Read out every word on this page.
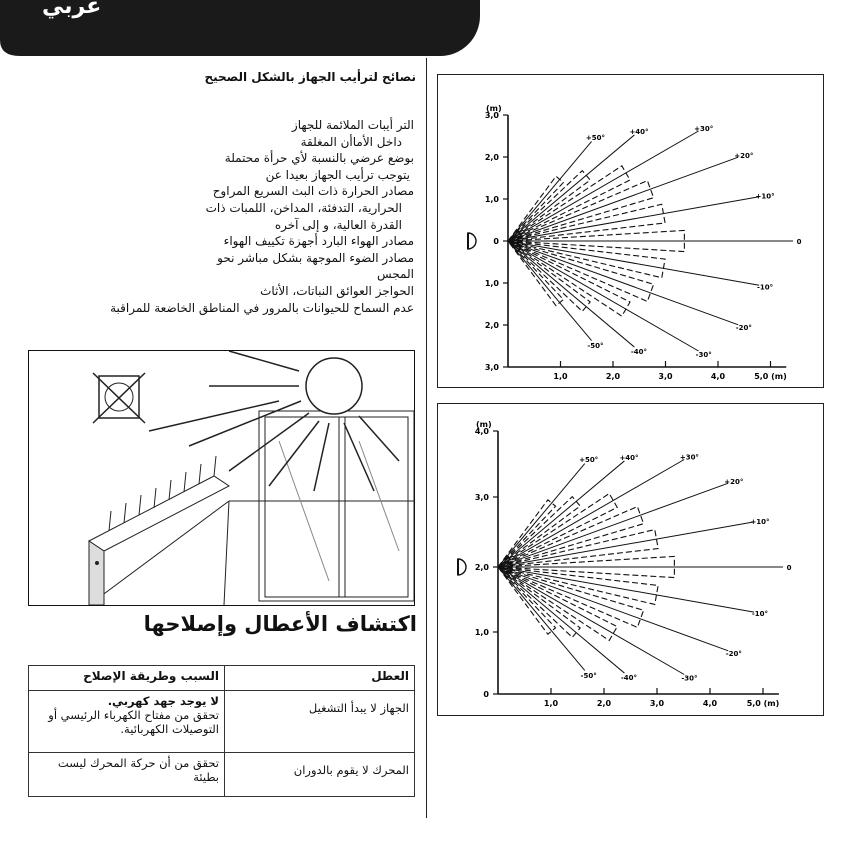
عربي
نصائح لترأيب الجهاز بالشكل الصحيح
التر أيبات الملائمة للجهاز
داخل الأماأن المغلقة
بوضع عرضي بالنسبة لأي حرأة محتملة
يتوجب ترأيب الجهاز بعيدا عن
مصادر الحرارة ذات البث السريع المراوح
الحرارية، التدفئة، المداخن، اللمبات ذات
القدرة العالية، و إلى آخره
مصادر الهواء البارد أجهزة تكييف الهواء
مصادر الضوء الموجهة بشكل مباشر نحو
المجس
الحواجز العوائق النباتات، الأثاث
عدم السماح للحيوانات بالمرور في المناطق الخاضعة للمراقبة
اكتشاف الأعطال وإصلاحها
السبب وطريقة الإصلاح	العطل

لا يوجد جهد كهربي.
تحقق من مفتاح الكهرباء الرئيسي أو التوصيلات الكهربائية.	الجهاز لا يبدأ التشغيل
تحقق من أن حركة المحرك ليست بطيئة	المحرك لا يقوم بالدوران
(m)
3,0
2,0
1,0
0
1,0
2,0
3,0
1,0	2,0	3,0	4,0	5,0 (m)
+50°
+40°	+30°
+20°
+10°
0
-10°
-20°
-30°
-40°
-50°
(m)
4,0
3,0
2,0
1,0
0
1,0	2,0	3,0	4,0	5,0 (m)
+50°	+40°	+30°
+20°
+10°
0
-10°
-20°
-30°
-40°
-50°
